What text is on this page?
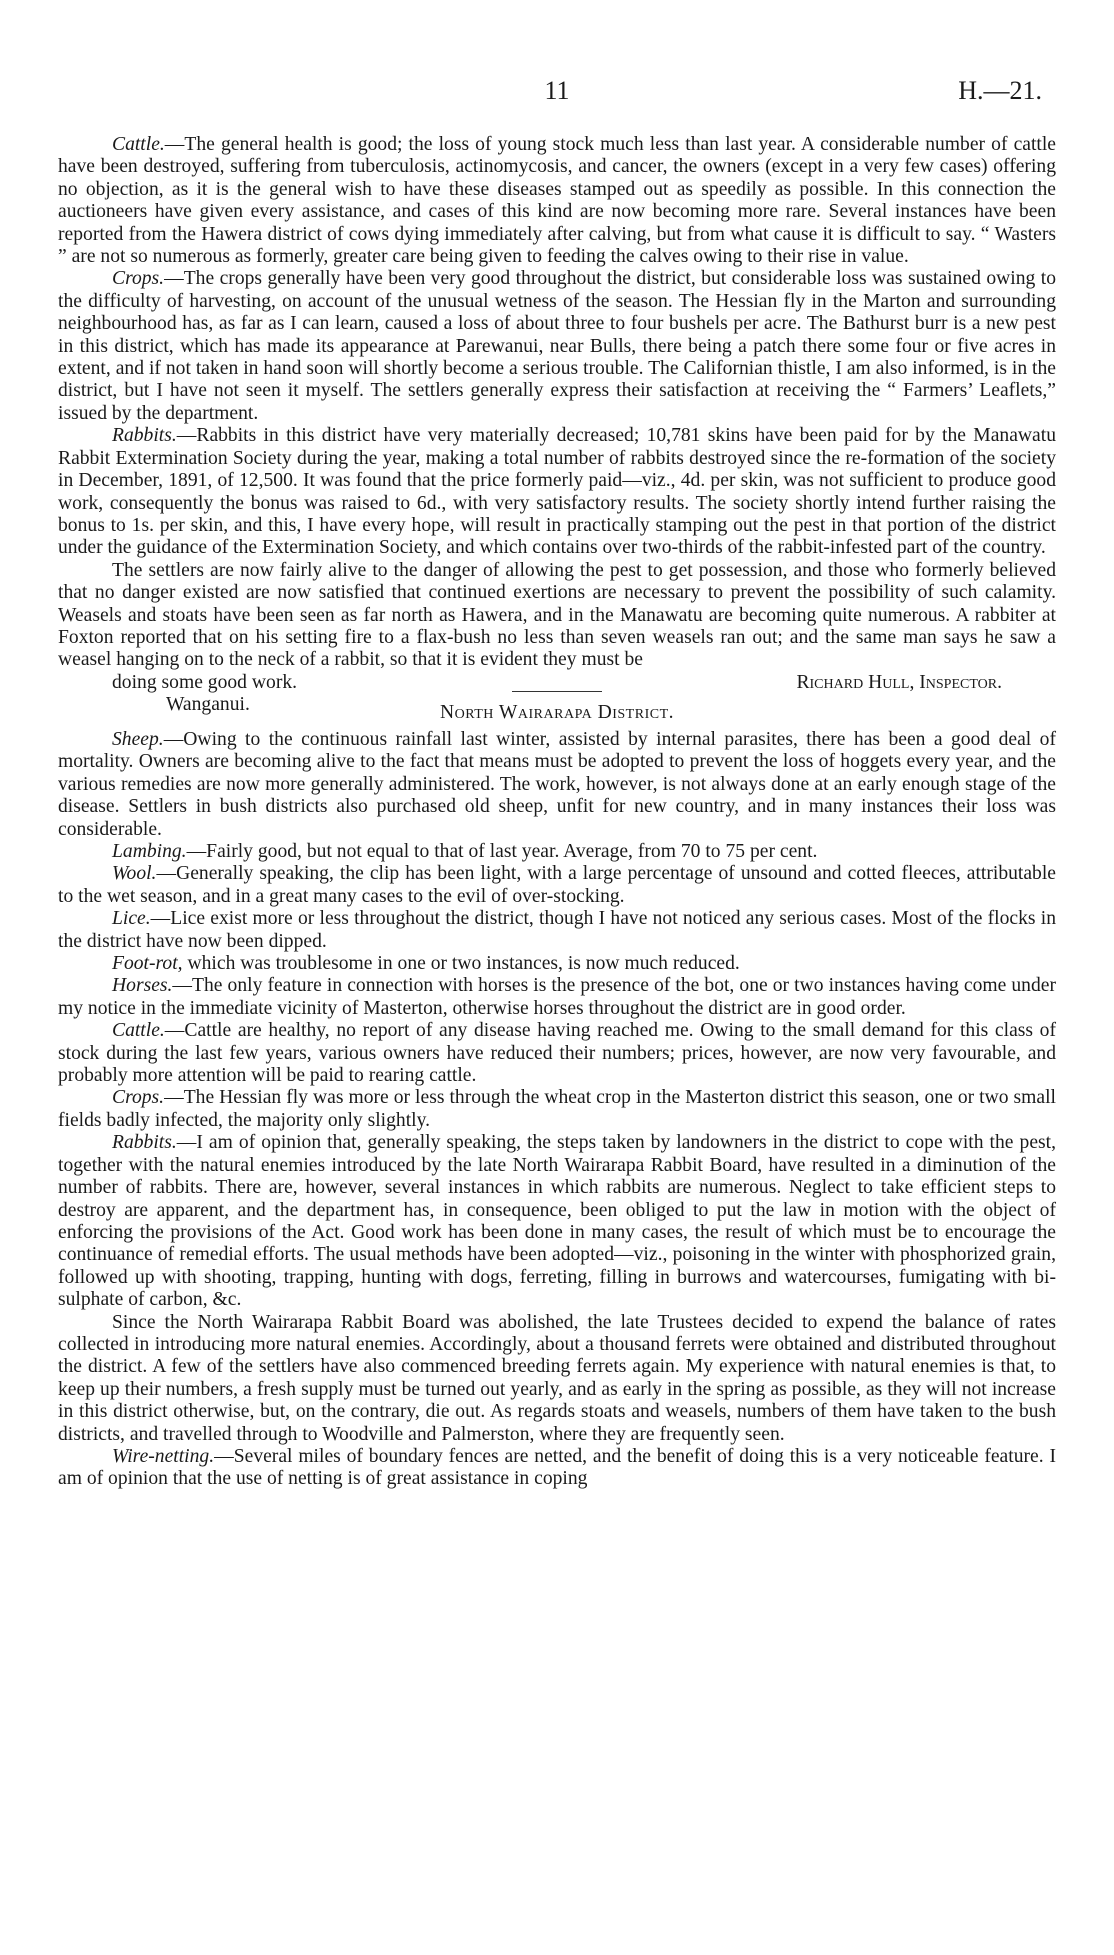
11	H.—21.

Cattle.—The general health is good; the loss of young stock much less than last year. A considerable number of cattle have been destroyed, suffering from tuberculosis, actinomycosis, and cancer, the owners (except in a very few cases) offering no objection, as it is the general wish to have these diseases stamped out as speedily as possible. In this connection the auctioneers have given every assistance, and cases of this kind are now becoming more rare. Several instances have been reported from the Hawera district of cows dying immediately after calving, but from what cause it is difficult to say. “ Wasters ” are not so numerous as formerly, greater care being given to feeding the calves owing to their rise in value.

Crops.—The crops generally have been very good throughout the district, but considerable loss was sustained owing to the difficulty of harvesting, on account of the unusual wetness of the season. The Hessian fly in the Marton and surrounding neighbourhood has, as far as I can learn, caused a loss of about three to four bushels per acre. The Bathurst burr is a new pest in this district, which has made its appearance at Parewanui, near Bulls, there being a patch there some four or five acres in extent, and if not taken in hand soon will shortly become a serious trouble. The Californian thistle, I am also informed, is in the district, but I have not seen it myself. The settlers generally express their satisfaction at receiving the “ Farmers’ Leaflets,” issued by the department.

Rabbits.—Rabbits in this district have very materially decreased; 10,781 skins have been paid for by the Manawatu Rabbit Extermination Society during the year, making a total number of rabbits destroyed since the re-formation of the society in December, 1891, of 12,500. It was found that the price formerly paid—viz., 4d. per skin, was not sufficient to produce good work, consequently the bonus was raised to 6d., with very satisfactory results. The society shortly intend further raising the bonus to 1s. per skin, and this, I have every hope, will result in practically stamping out the pest in that portion of the district under the guidance of the Extermination Society, and which contains over two-thirds of the rabbit-infested part of the country.

The settlers are now fairly alive to the danger of allowing the pest to get possession, and those who formerly believed that no danger existed are now satisfied that continued exertions are necessary to prevent the possibility of such calamity. Weasels and stoats have been seen as far north as Hawera, and in the Manawatu are becoming quite numerous. A rabbiter at Foxton reported that on his setting fire to a flax-bush no less than seven weasels ran out; and the same man says he saw a weasel hanging on to the neck of a rabbit, so that it is evident they must be

doing some good work.	Richard Hull, Inspector.

Wanganui.	North Wairarapa District.

Sheep.—Owing to the continuous rainfall last winter, assisted by internal parasites, there has been a good deal of mortality. Owners are becoming alive to the fact that means must be adopted to prevent the loss of hoggets every year, and the various remedies are now more generally administered. The work, however, is not always done at an early enough stage of the disease. Settlers in bush districts also purchased old sheep, unfit for new country, and in many instances their loss was considerable.

Lambing.—Fairly good, but not equal to that of last year. Average, from 70 to 75 per cent.

Wool.—Generally speaking, the clip has been light, with a large percentage of unsound and cotted fleeces, attributable to the wet season, and in a great many cases to the evil of over-stocking.

Lice.—Lice exist more or less throughout the district, though I have not noticed any serious cases. Most of the flocks in the district have now been dipped.

Foot-rot, which was troublesome in one or two instances, is now much reduced.

Horses.—The only feature in connection with horses is the presence of the bot, one or two instances having come under my notice in the immediate vicinity of Masterton, otherwise horses throughout the district are in good order.

Cattle.—Cattle are healthy, no report of any disease having reached me. Owing to the small demand for this class of stock during the last few years, various owners have reduced their numbers; prices, however, are now very favourable, and probably more attention will be paid to rearing cattle.

Crops.—The Hessian fly was more or less through the wheat crop in the Masterton district this season, one or two small fields badly infected, the majority only slightly.

Rabbits.—I am of opinion that, generally speaking, the steps taken by landowners in the district to cope with the pest, together with the natural enemies introduced by the late North Wairarapa Rabbit Board, have resulted in a diminution of the number of rabbits. There are, however, several instances in which rabbits are numerous. Neglect to take efficient steps to destroy are apparent, and the department has, in consequence, been obliged to put the law in motion with the object of enforcing the provisions of the Act. Good work has been done in many cases, the result of which must be to encourage the continuance of remedial efforts. The usual methods have been adopted—viz., poisoning in the winter with phosphorized grain, followed up with shooting, trapping, hunting with dogs, ferreting, filling in burrows and watercourses, fumigating with bi-sulphate of carbon, &c.

Since the North Wairarapa Rabbit Board was abolished, the late Trustees decided to expend the balance of rates collected in introducing more natural enemies. Accordingly, about a thousand ferrets were obtained and distributed throughout the district. A few of the settlers have also commenced breeding ferrets again. My experience with natural enemies is that, to keep up their numbers, a fresh supply must be turned out yearly, and as early in the spring as possible, as they will not increase in this district otherwise, but, on the contrary, die out. As regards stoats and weasels, numbers of them have taken to the bush districts, and travelled through to Woodville and Palmerston, where they are frequently seen.

Wire-netting.—Several miles of boundary fences are netted, and the benefit of doing this is a very noticeable feature. I am of opinion that the use of netting is of great assistance in coping
